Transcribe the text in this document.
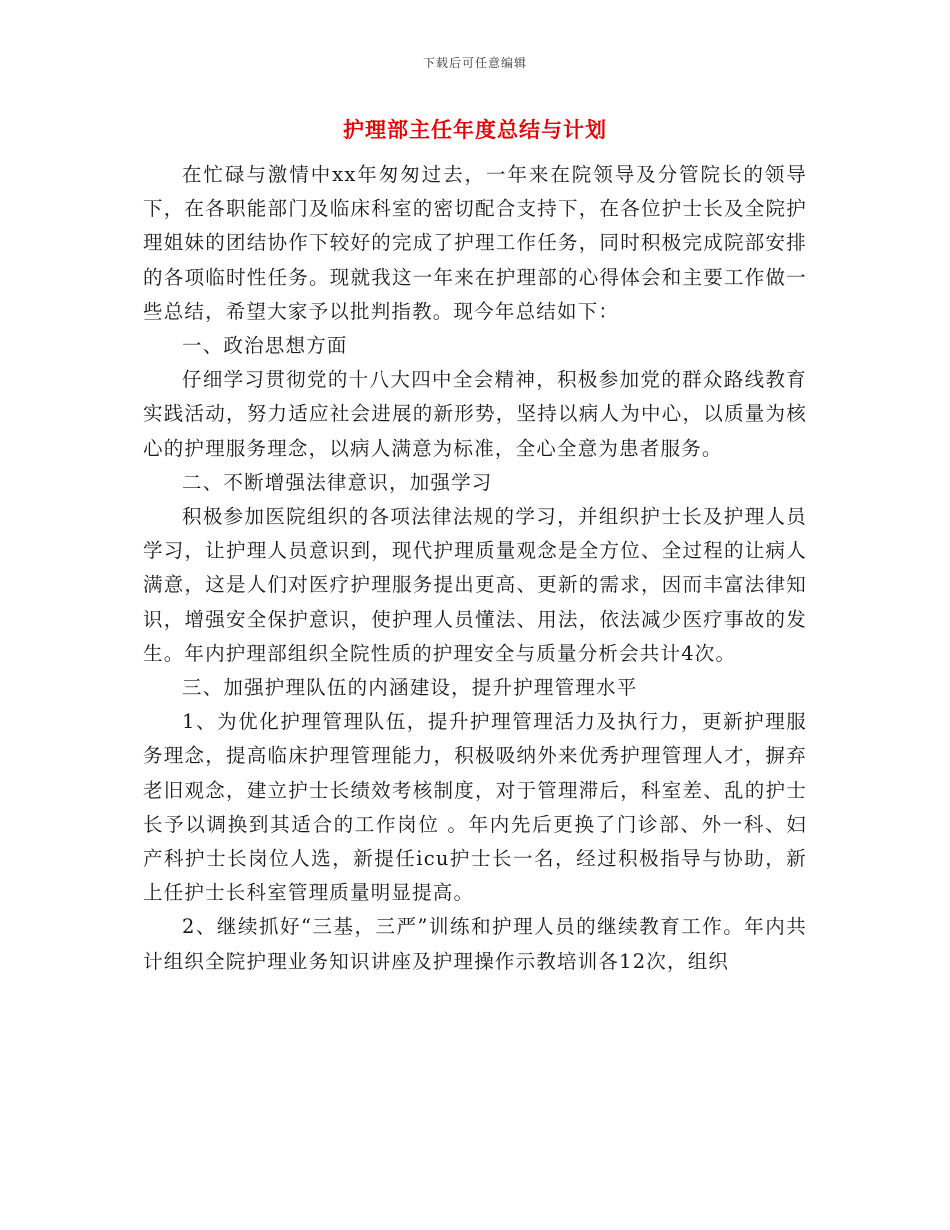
下载后可任意编辑
护理部主任年度总结与计划

在忙碌与激情中xx年匆匆过去，一年来在院领导及分管院长的领导下，在各职能部门及临床科室的密切配合支持下，在各位护士长及全院护理姐妹的团结协作下较好的完成了护理工作任务，同时积极完成院部安排的各项临时性任务。现就我这一年来在护理部的心得体会和主要工作做一些总结，希望大家予以批判指教。现今年总结如下：

一、政治思想方面

仔细学习贯彻党的十八大四中全会精神，积极参加党的群众路线教育实践活动，努力适应社会进展的新形势，坚持以病人为中心，以质量为核心的护理服务理念，以病人满意为标准，全心全意为患者服务。

二、不断增强法律意识，加强学习

积极参加医院组织的各项法律法规的学习，并组织护士长及护理人员学习，让护理人员意识到，现代护理质量观念是全方位、全过程的让病人满意，这是人们对医疗护理服务提出更高、更新的需求，因而丰富法律知识，增强安全保护意识，使护理人员懂法、用法，依法减少医疗事故的发生。年内护理部组织全院性质的护理安全与质量分析会共计4次。

三、加强护理队伍的内涵建设，提升护理管理水平

1、为优化护理管理队伍，提升护理管理活力及执行力，更新护理服务理念，提高临床护理管理能力，积极吸纳外来优秀护理管理人才，摒弃老旧观念，建立护士长绩效考核制度，对于管理滞后，科室差、乱的护士长予以调换到其适合的工作岗位 。年内先后更换了门诊部、外一科、妇产科护士长岗位人选，新提任icu护士长一名，经过积极指导与协助，新上任护士长科室管理质量明显提高。

2、继续抓好“三基，三严”训练和护理人员的继续教育工作。年内共计组织全院护理业务知识讲座及护理操作示教培训各12次，组织
